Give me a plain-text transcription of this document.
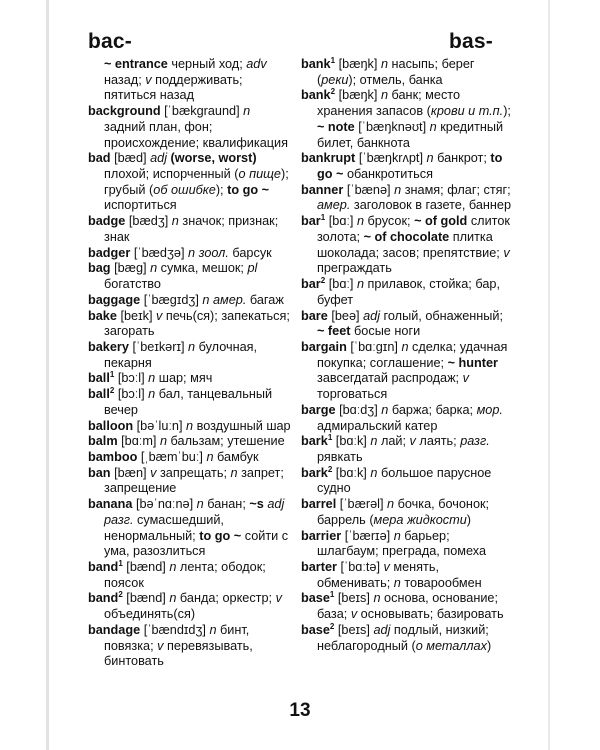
bac-	bas-

~ entrance черный ход; adv назад; v поддерживать; пятиться назад

background [ˈbækgraund] n задний план, фон; происхождение; квалификация

bad [bæd] adj (worse, worst) плохой; испорченный (о пище); грубый (об ошибке); to go ~ испортиться

badge [bædʒ] n значок; признак; знак

badger [ˈbædʒə] n зоол. барсук

bag [bæg] n сумка, мешок; pl богатство

baggage [ˈbægɪdʒ] n амер. багаж

bake [beɪk] v печь(ся); запекаться; загорать

bakery [ˈbeɪkərɪ] n булочная, пекарня

ball$^1$ [bɔːl] n шар; мяч

ball$^2$ [bɔːl] n бал, танцевальный вечер

balloon [bəˈluːn] n воздушный шар

balm [bɑːm] n бальзам; утешение

bamboo [ˌbæmˈbuː] n бамбук

ban [bæn] v запрещать; n запрет; запрещение

banana [bəˈnɑːnə] n банан; ~s adj разг. сумасшедший, ненормальный; to go ~ сойти с ума, разозлиться

band$^1$ [bænd] n лента; ободок; поясок

band$^2$ [bænd] n банда; оркестр; v объединять(ся)

bandage [ˈbændɪdʒ] n бинт, повязка; v перевязывать, бинтовать

bank$^1$ [bæŋk] n насыпь; берег (реки); отмель, банка

bank$^2$ [bæŋk] n банк; место хранения запасов (крови и т.п.); ~ note [ˈbæŋknəʊt] n кредитный билет, банкнота

bankrupt [ˈbæŋkrʌpt] n банкрот; to go ~ обанкротиться

banner [ˈbænə] n знамя; флаг; стяг; амер. заголовок в газете, баннер

bar$^1$ [bɑː] n брусок; ~ of gold слиток золота; ~ of chocolate плитка шоколада; засов; препятствие; v преграждать

bar$^2$ [bɑː] n прилавок, стойка; бар, буфет

bare [beə] adj голый, обнаженный; ~ feet босые ноги

bargain [ˈbɑːgɪn] n сделка; удачная покупка; соглашение; ~ hunter завсегдатай распродаж; v торговаться

barge [bɑːdʒ] n баржа; барка; мор. адмиральский катер

bark$^1$ [bɑːk] n лай; v лаять; разг. рявкать

bark$^2$ [bɑːk] n большое парусное судно

barrel [ˈbærəl] n бочка, бочонок; баррель (мера жидкости)

barrier [ˈbærɪə] n барьер; шлагбаум; преграда, помеха

barter [ˈbɑːtə] v менять, обменивать; n товарообмен

base$^1$ [beɪs] n основа, основание; база; v основывать; базировать

base$^2$ [beɪs] adj подлый, низкий; неблагородный (о металлах)

13
